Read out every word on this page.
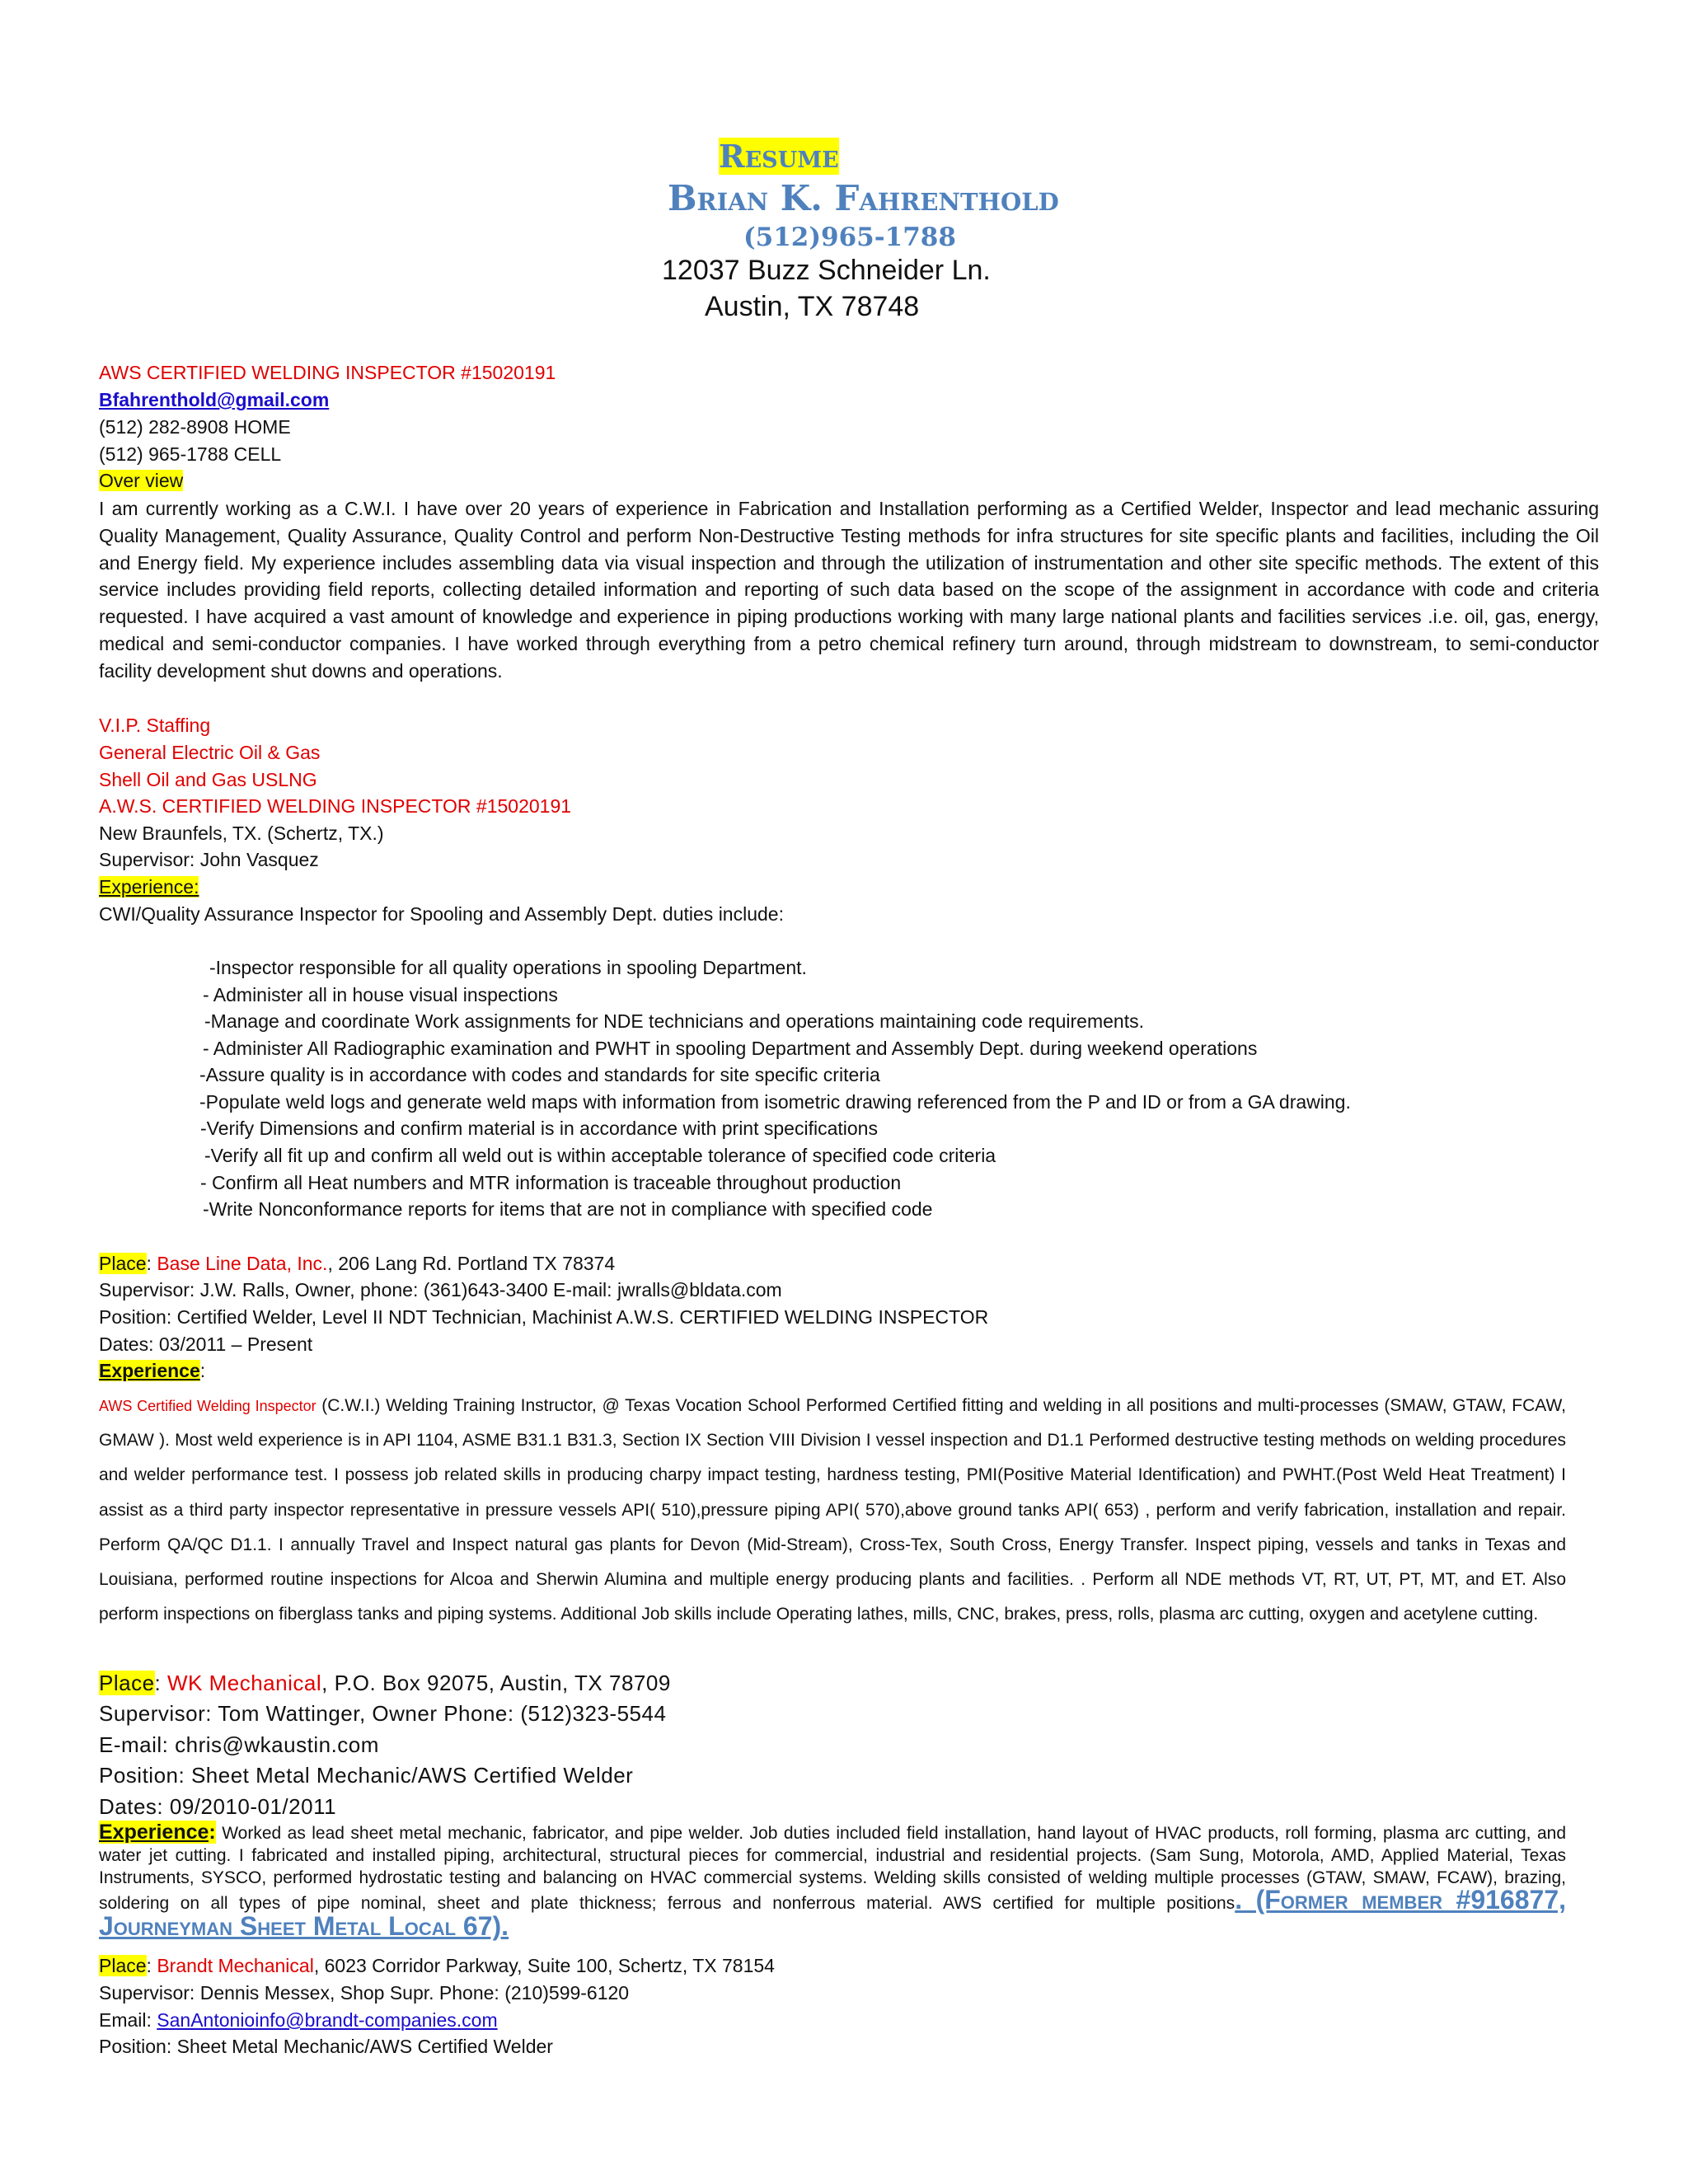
Resume
Brian K. Fahrenthold
(512)965-1788
12037 Buzz Schneider Ln.
Austin, TX 78748
AWS CERTIFIED WELDING INSPECTOR #15020191
Bfahrenthold@gmail.com
(512) 282-8908 HOME
(512) 965-1788 CELL
Over view
I am currently working as a C.W.I. I have over 20 years of experience in Fabrication and Installation performing as a Certified Welder, Inspector and lead mechanic assuring Quality Management, Quality Assurance, Quality Control and perform Non-Destructive Testing methods for infra structures for site specific plants and facilities, including the Oil and Energy field. My experience includes assembling data via visual inspection and through the utilization of instrumentation and other site specific methods. The extent of this service includes providing field reports, collecting detailed information and reporting of such data based on the scope of the assignment in accordance with code and criteria requested. I have acquired a vast amount of knowledge and experience in piping productions working with many large national plants and facilities services .i.e. oil, gas, energy, medical and semi-conductor companies. I have worked through everything from a petro chemical refinery turn around, through midstream to downstream, to semi-conductor facility development shut downs and operations.
V.I.P. Staffing
General Electric Oil & Gas
Shell Oil and Gas USLNG
A.W.S. CERTIFIED WELDING INSPECTOR #15020191
New Braunfels, TX. (Schertz, TX.)
Supervisor: John Vasquez
Experience:
CWI/Quality Assurance Inspector for Spooling and Assembly Dept. duties include:
-Inspector responsible for all quality operations in spooling Department.
- Administer all in house visual inspections
-Manage and coordinate Work assignments for NDE technicians and operations maintaining code requirements.
- Administer All Radiographic examination and PWHT in spooling Department and Assembly Dept. during weekend operations
-Assure quality is in accordance with codes and standards for site specific criteria
-Populate weld logs and generate weld maps with information from isometric drawing referenced from the P and ID or from a GA drawing.
-Verify Dimensions and confirm material is in accordance with print specifications
-Verify all fit up and confirm all weld out is within acceptable tolerance of specified code criteria
- Confirm all Heat numbers and MTR information is traceable throughout production
-Write Nonconformance reports for items that are not in compliance with specified code
Place: Base Line Data, Inc., 206 Lang Rd. Portland TX 78374
Supervisor: J.W. Ralls, Owner, phone: (361)643-3400 E-mail: jwralls@bldata.com
Position: Certified Welder, Level II NDT Technician, Machinist A.W.S. CERTIFIED WELDING INSPECTOR
Dates: 03/2011 – Present
Experience:
AWS Certified Welding Inspector (C.W.I.) Welding Training Instructor, @ Texas Vocation School Performed Certified fitting and welding in all positions and multi-processes (SMAW, GTAW, FCAW, GMAW ). Most weld experience is in API 1104, ASME B31.1 B31.3, Section IX Section VIII Division I vessel inspection and D1.1 Performed destructive testing methods on welding procedures and welder performance test. I possess job related skills in producing charpy impact testing, hardness testing, PMI(Positive Material Identification) and PWHT.(Post Weld Heat Treatment) I assist as a third party inspector representative in pressure vessels API( 510),pressure piping API( 570),above ground tanks API( 653) , perform and verify fabrication, installation and repair. Perform QA/QC D1.1. I annually Travel and Inspect natural gas plants for Devon (Mid-Stream), Cross-Tex, South Cross, Energy Transfer. Inspect piping, vessels and tanks in Texas and Louisiana, performed routine inspections for Alcoa and Sherwin Alumina and multiple energy producing plants and facilities. . Perform all NDE methods VT, RT, UT, PT, MT, and ET. Also perform inspections on fiberglass tanks and piping systems. Additional Job skills include Operating lathes, mills, CNC, brakes, press, rolls, plasma arc cutting, oxygen and acetylene cutting.
Place: WK Mechanical, P.O. Box 92075, Austin, TX 78709
Supervisor: Tom Wattinger, Owner Phone: (512)323-5544
E-mail: chris@wkaustin.com
Position: Sheet Metal Mechanic/AWS Certified Welder
Dates: 09/2010-01/2011
Experience: Worked as lead sheet metal mechanic, fabricator, and pipe welder. Job duties included field installation, hand layout of HVAC products, roll forming, plasma arc cutting, and water jet cutting. I fabricated and installed piping, architectural, structural pieces for commercial, industrial and residential projects. (Sam Sung, Motorola, AMD, Applied Material, Texas Instruments, SYSCO, performed hydrostatic testing and balancing on HVAC commercial systems. Welding skills consisted of welding multiple processes (GTAW, SMAW, FCAW), brazing, soldering on all types of pipe nominal, sheet and plate thickness; ferrous and nonferrous material. AWS certified for multiple positions. (Former member #916877, Journeyman Sheet Metal Local 67).
Place: Brandt Mechanical, 6023 Corridor Parkway, Suite 100, Schertz, TX 78154
Supervisor: Dennis Messex, Shop Supr. Phone: (210)599-6120
Email: SanAntonioinfo@brandt-companies.com
Position: Sheet Metal Mechanic/AWS Certified Welder
